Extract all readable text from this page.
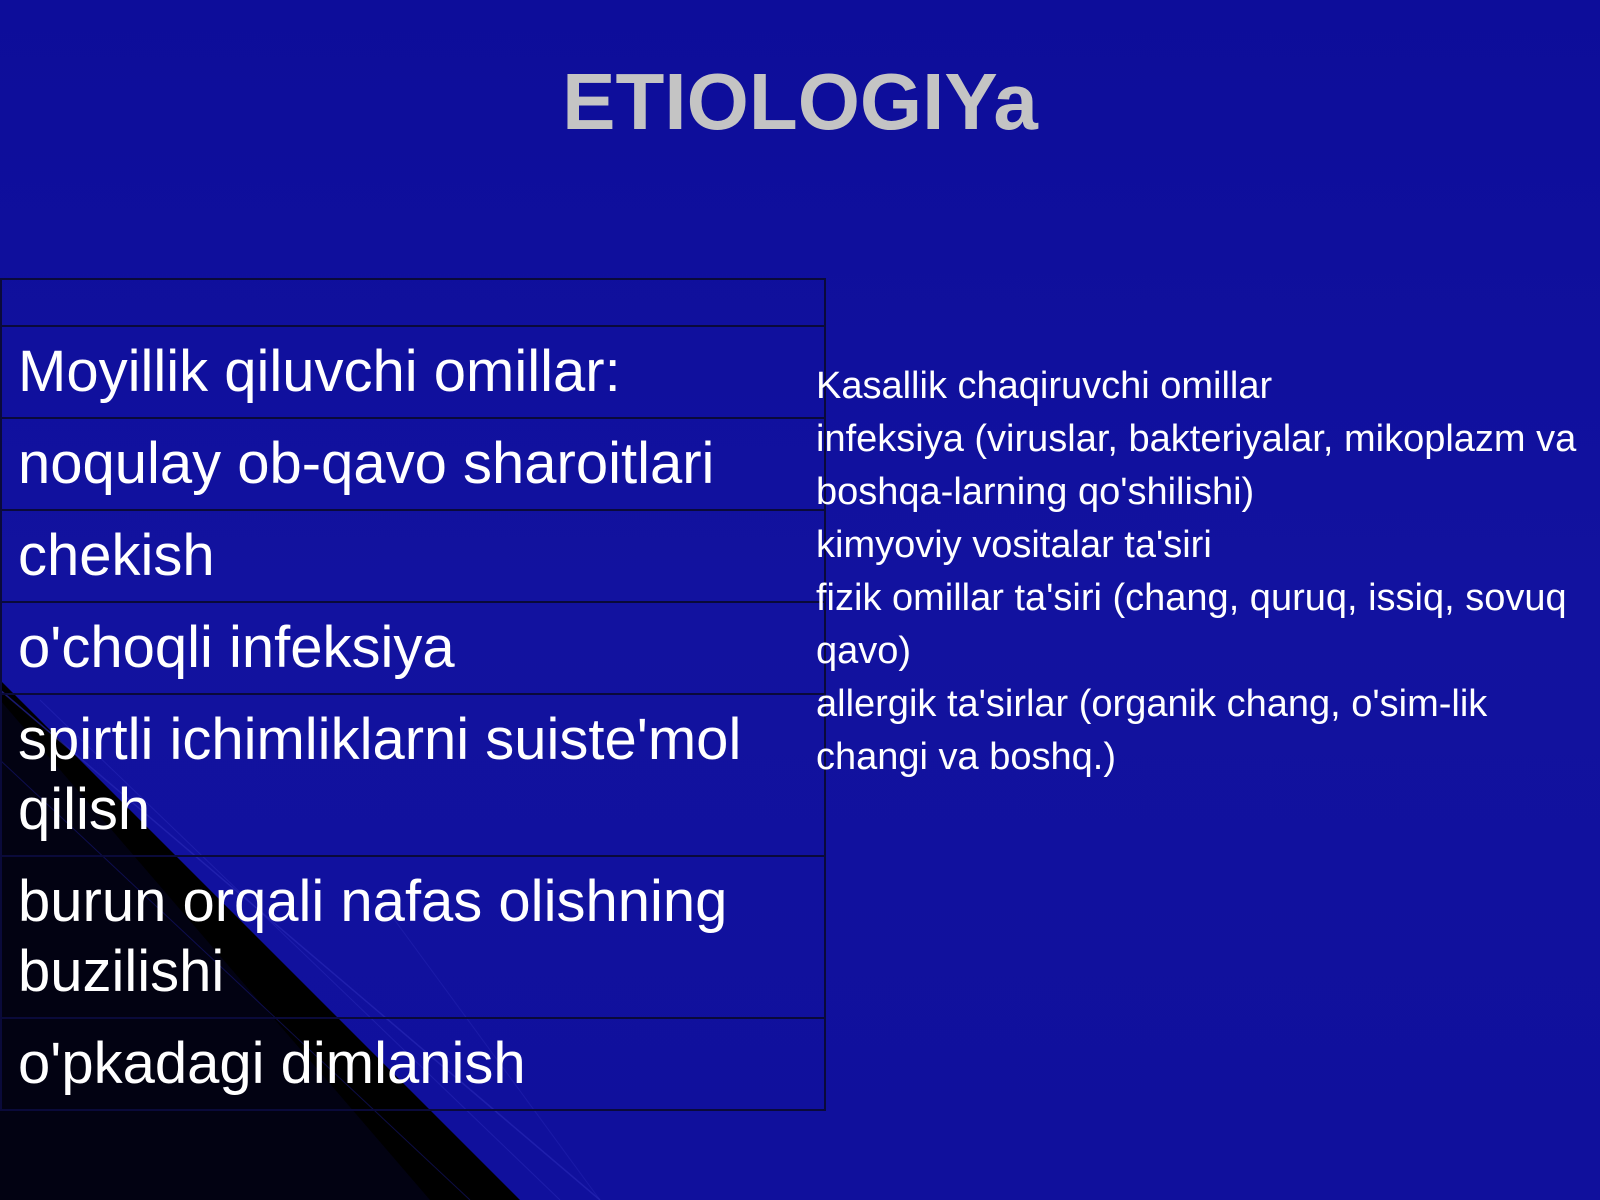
ETIOLOGIYa

Moyillik qiluvchi omillar:
noqulay ob-qavo sharoitlari
chekish
o'choqli infeksiya
spirtli ichimliklarni suiste'mol qilish
burun orqali nafas olishning buzilishi
o'pkadagi dimlanish
Kasallik chaqiruvchi omillar
infeksiya (viruslar, bakteriyalar, mikoplazm va boshqa-larning qo'shilishi)
kimyoviy vositalar ta'siri
fizik omillar ta'siri (chang, quruq, issiq, sovuq qavo)
allergik ta'sirlar (organik chang, o'sim-lik changi va boshq.)
